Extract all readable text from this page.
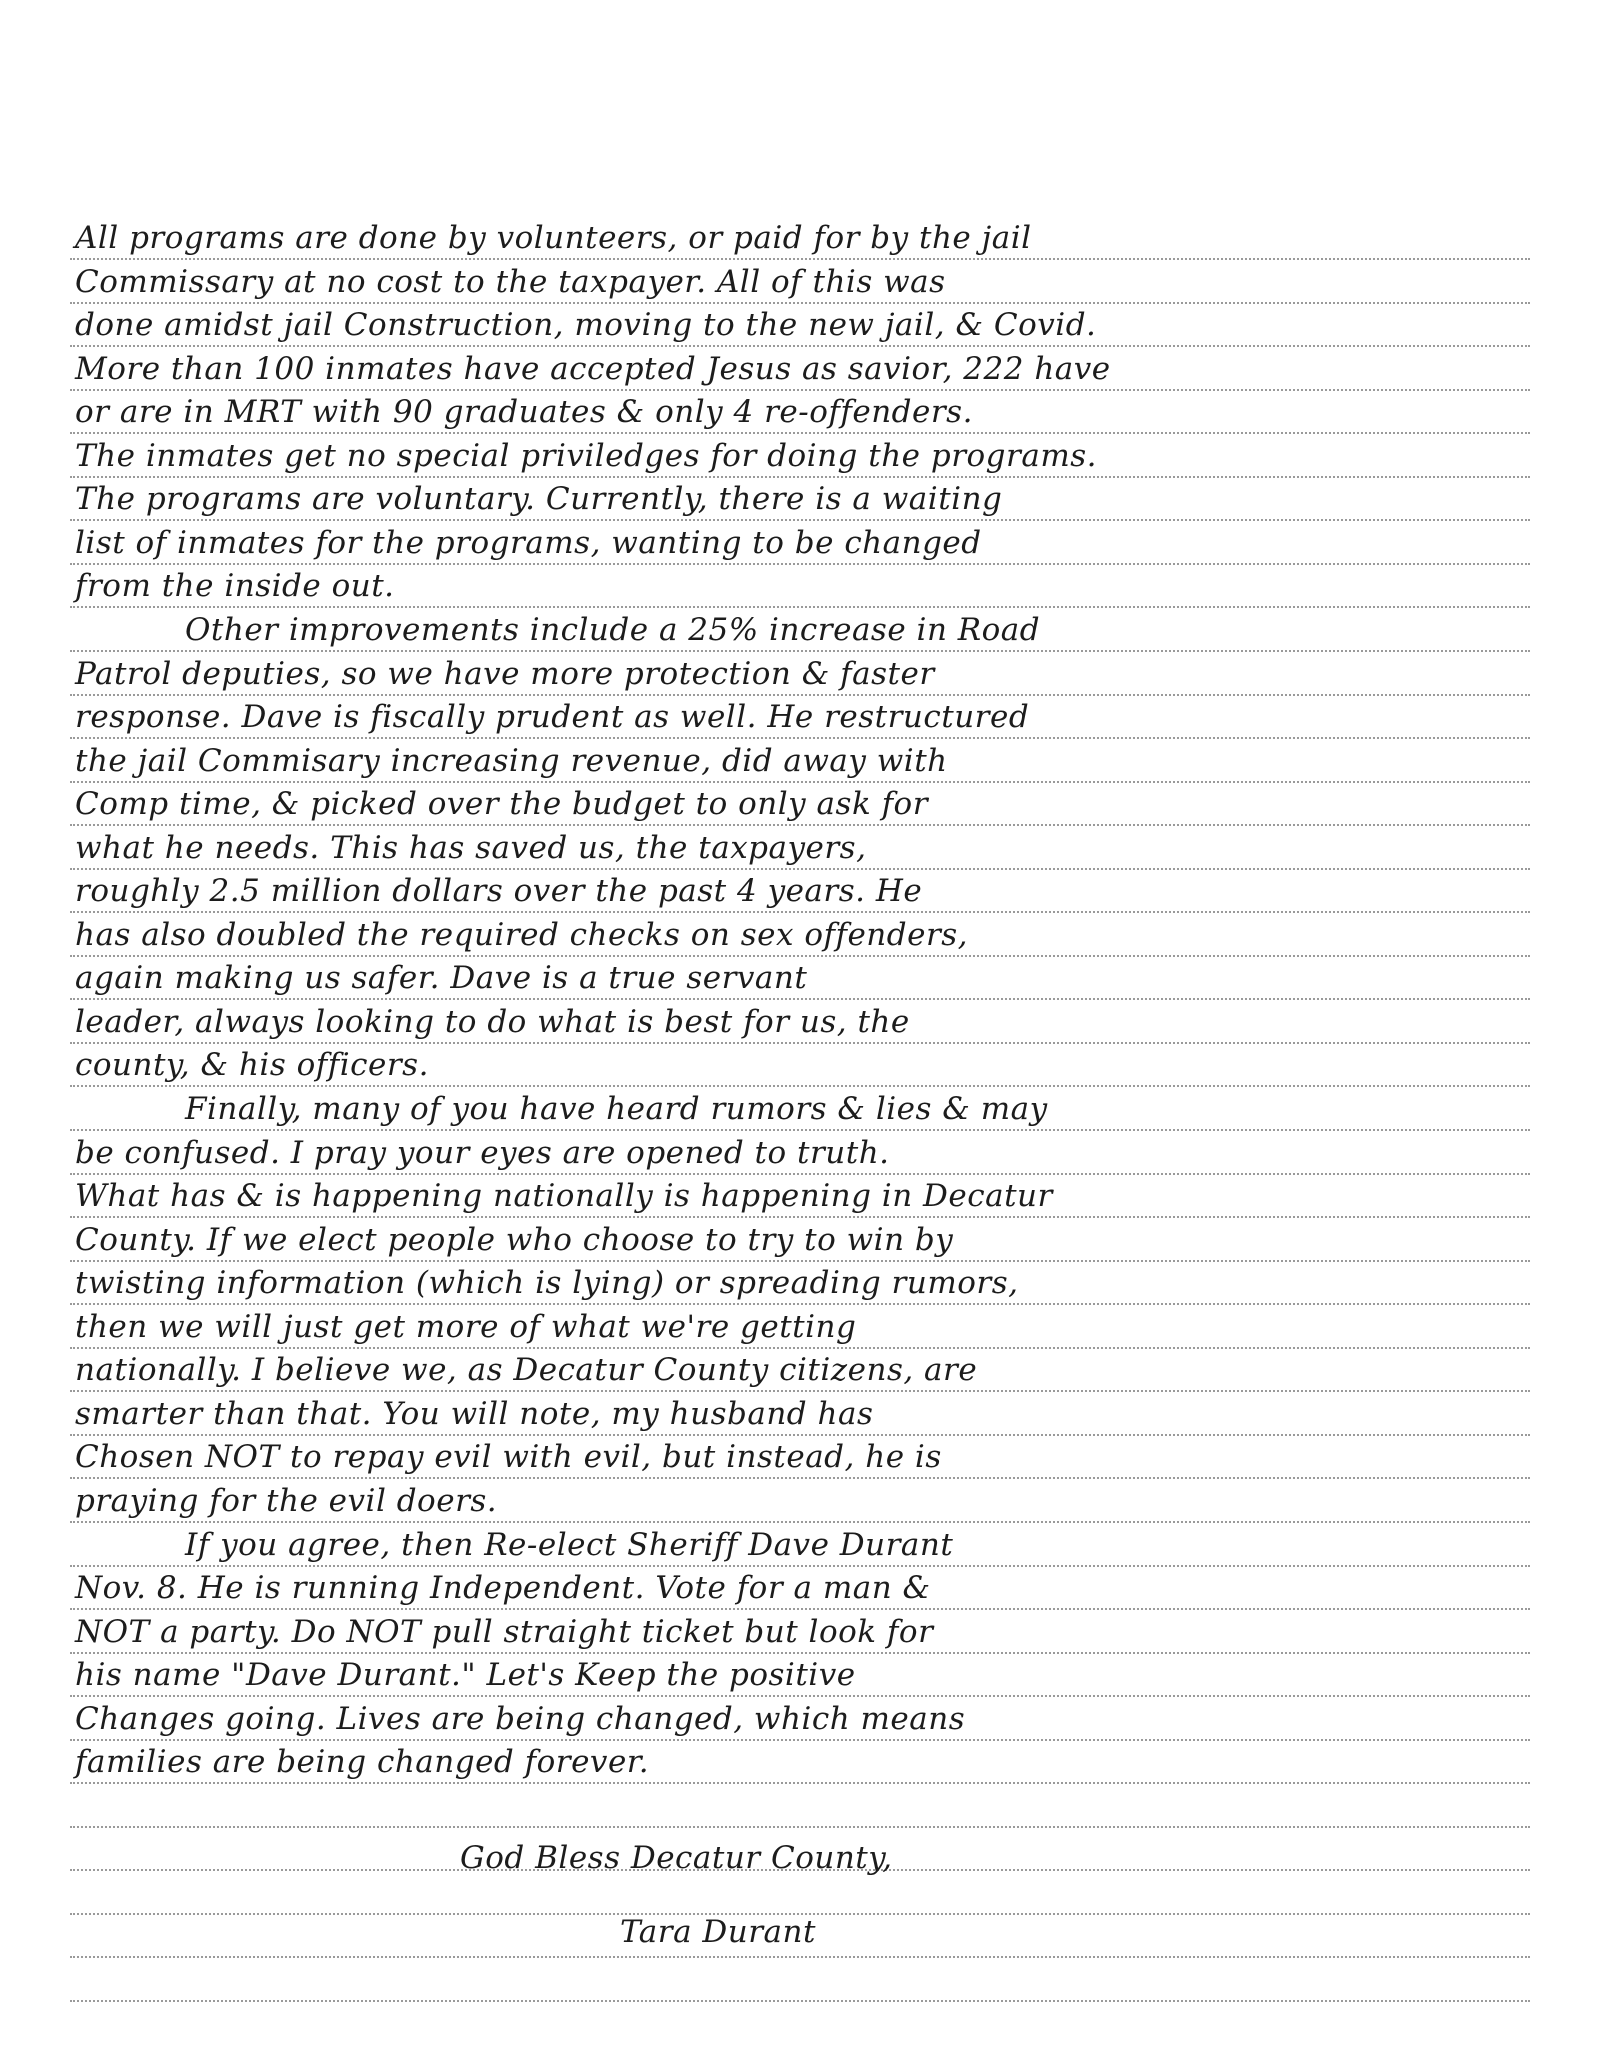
All programs are done by volunteers, or paid for by the jail
Commissary at no cost to the taxpayer. All of this was
done amidst jail Construction, moving to the new jail, & Covid.
More than 100 inmates have accepted Jesus as savior, 222 have
or are in MRT with 90 graduates & only 4 re-offenders.
The inmates get no special priviledges for doing the programs.
The programs are voluntary. Currently, there is a waiting
list of inmates for the programs, wanting to be changed
from the inside out.
Other improvements include a 25% increase in Road
Patrol deputies, so we have more protection & faster
response. Dave is fiscally prudent as well. He restructured
the jail Commisary increasing revenue, did away with
Comp time, & picked over the budget to only ask for
what he needs. This has saved us, the taxpayers,
roughly 2.5 million dollars over the past 4 years. He
has also doubled the required checks on sex offenders,
again making us safer. Dave is a true servant
leader, always looking to do what is best for us, the
county, & his officers.
Finally, many of you have heard rumors & lies & may
be confused. I pray your eyes are opened to truth.
What has & is happening nationally is happening in Decatur
County. If we elect people who choose to try to win by
twisting information (which is lying) or spreading rumors,
then we will just get more of what we're getting
nationally. I believe we, as Decatur County citizens, are
smarter than that. You will note, my husband has
Chosen NOT to repay evil with evil, but instead, he is
praying for the evil doers.
If you agree, then Re-elect Sheriff Dave Durant
Nov. 8. He is running Independent. Vote for a man &
NOT a party. Do NOT pull straight ticket but look for
his name "Dave Durant." Let's Keep the positive
Changes going. Lives are being changed, which means
families are being changed forever.
God Bless Decatur County,
Tara Durant
